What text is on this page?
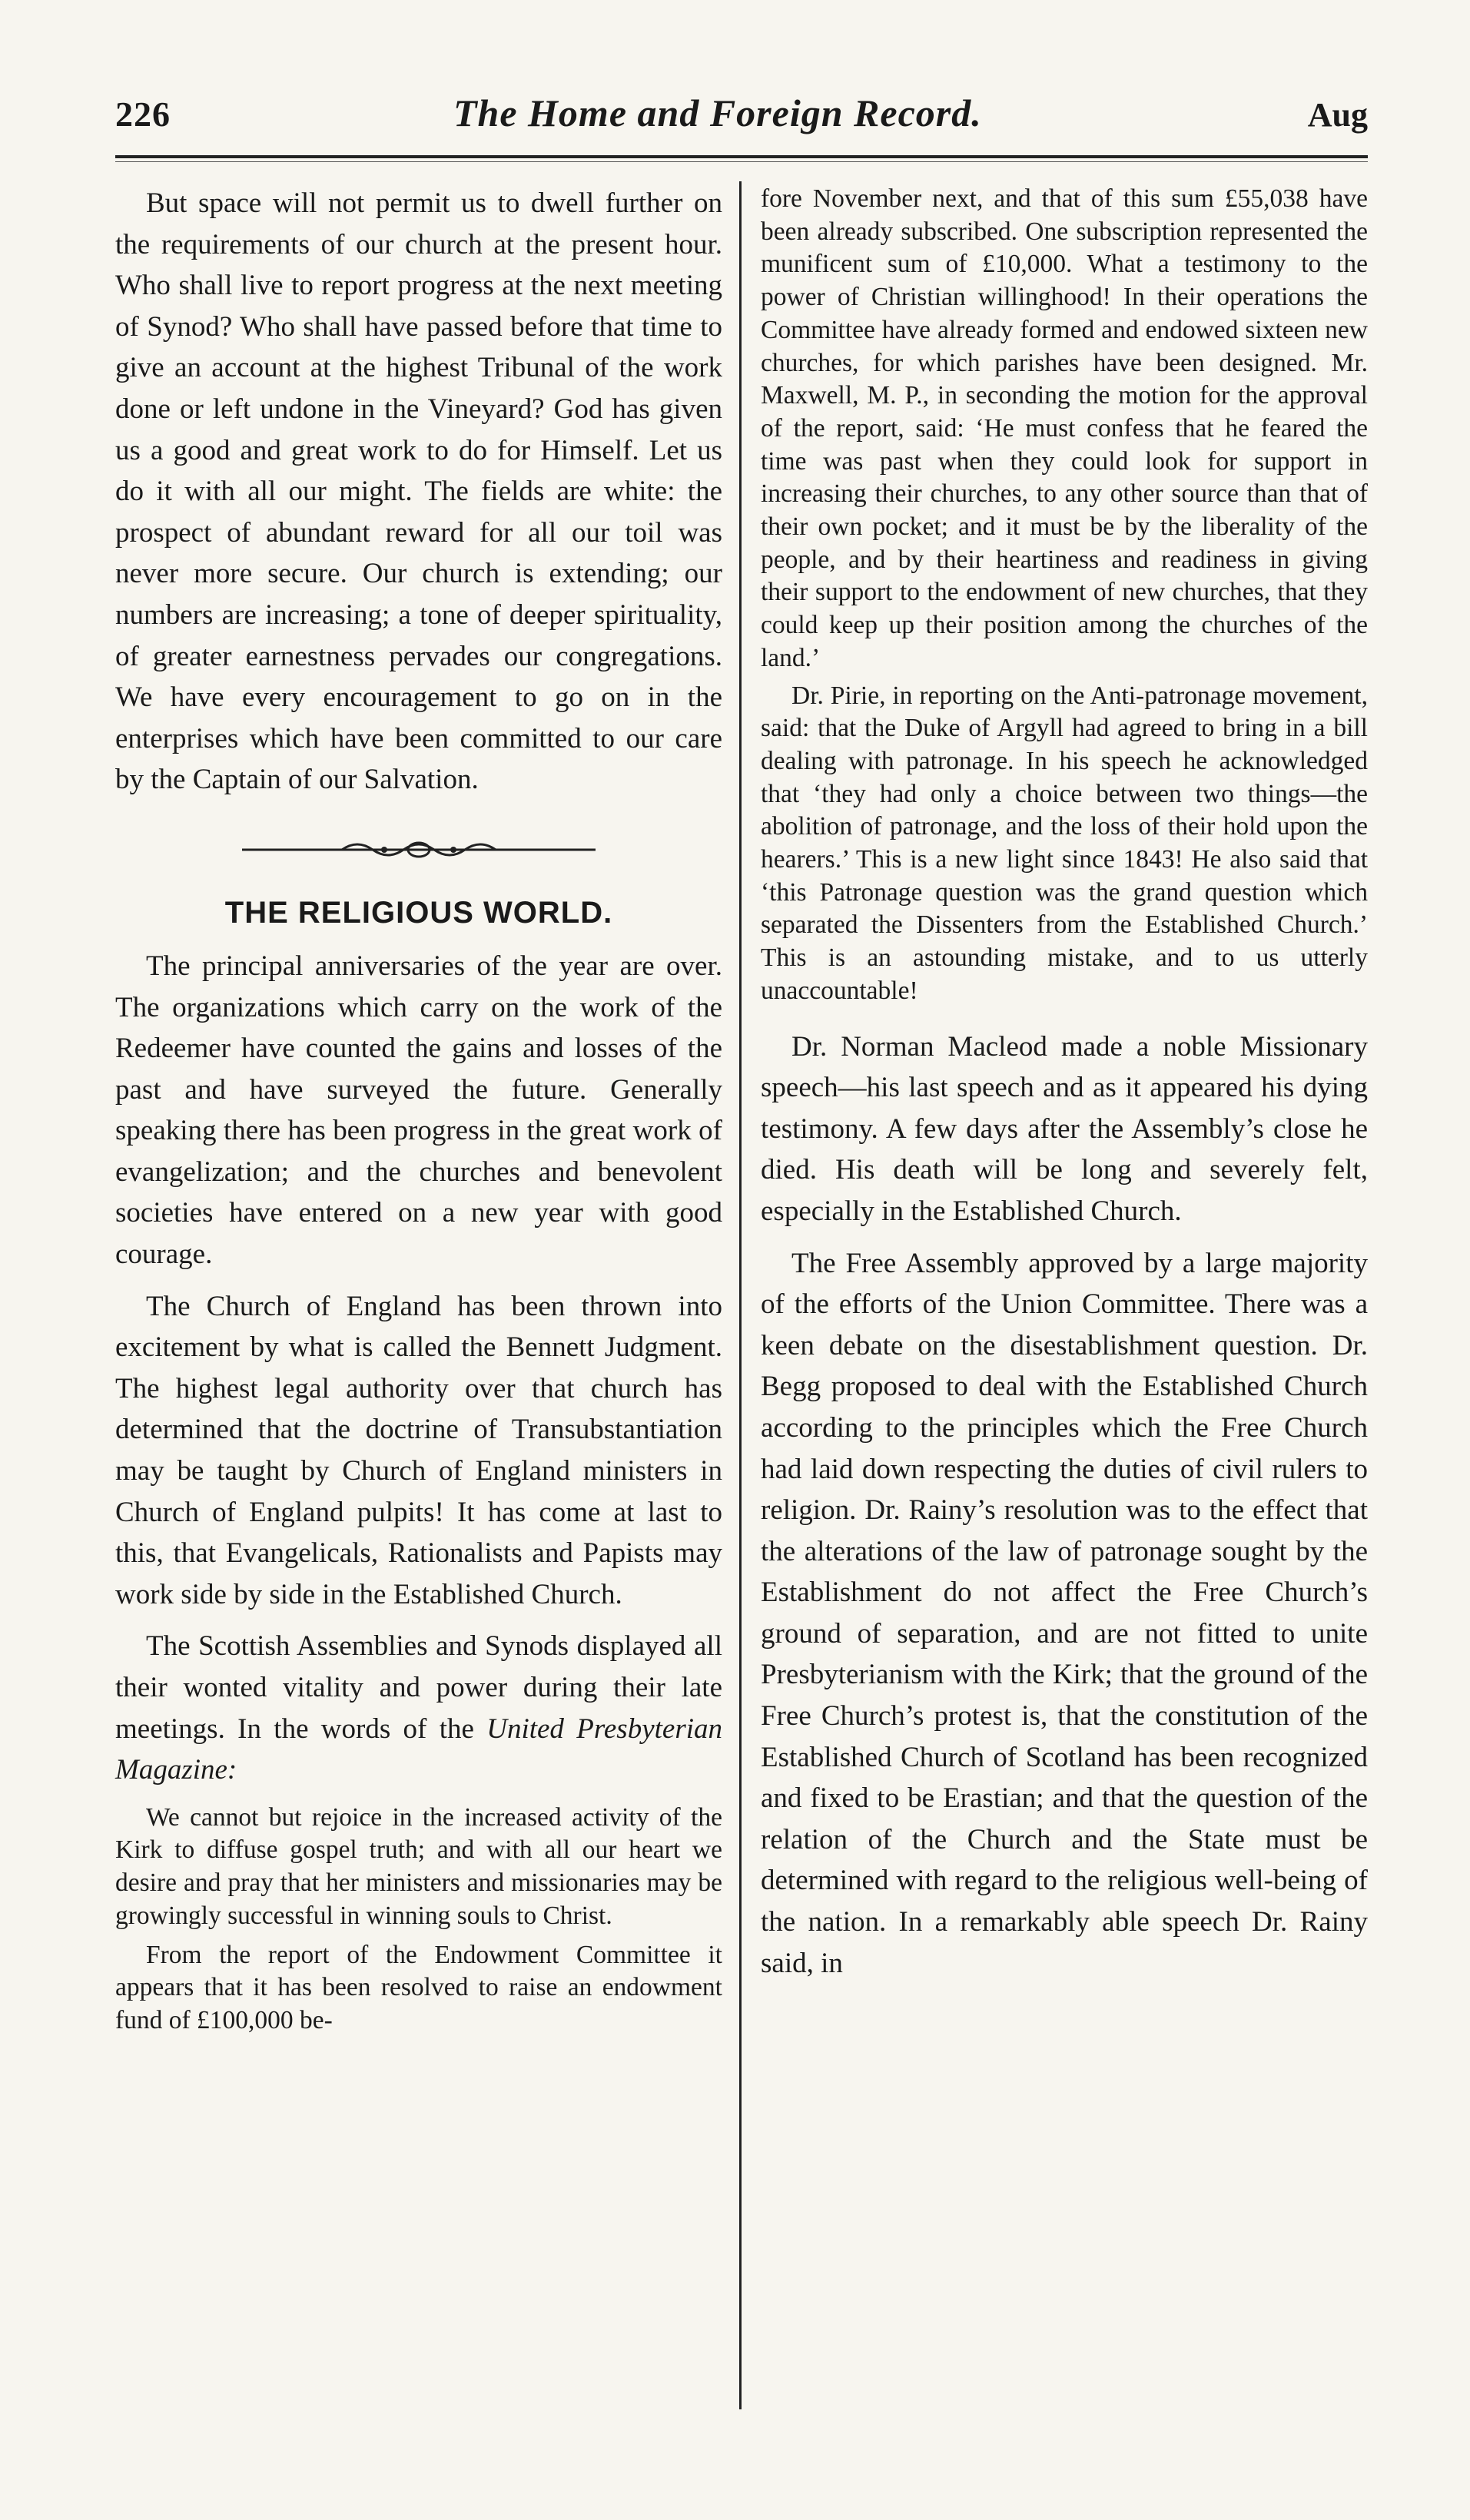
226	The Home and Foreign Record.	Aug

But space will not permit us to dwell further on the requirements of our church at the present hour. Who shall live to report progress at the next meeting of Synod? Who shall have passed before that time to give an account at the highest Tribunal of the work done or left undone in the Vineyard? God has given us a good and great work to do for Himself. Let us do it with all our might. The fields are white: the prospect of abundant reward for all our toil was never more secure. Our church is extending; our numbers are increasing; a tone of deeper spirituality, of greater earnestness pervades our congregations. We have every encouragement to go on in the enterprises which have been committed to our care by the Captain of our Salvation.

THE RELIGIOUS WORLD.

The principal anniversaries of the year are over. The organizations which carry on the work of the Redeemer have counted the gains and losses of the past and have surveyed the future. Generally speaking there has been progress in the great work of evangelization; and the churches and benevolent societies have entered on a new year with good courage.

The Church of England has been thrown into excitement by what is called the Bennett Judgment. The highest legal authority over that church has determined that the doctrine of Transubstantiation may be taught by Church of England ministers in Church of England pulpits! It has come at last to this, that Evangelicals, Rationalists and Papists may work side by side in the Established Church.

The Scottish Assemblies and Synods displayed all their wonted vitality and power during their late meetings. In the words of the United Presbyterian Magazine:

We cannot but rejoice in the increased activity of the Kirk to diffuse gospel truth; and with all our heart we desire and pray that her ministers and missionaries may be growingly successful in winning souls to Christ.

From the report of the Endowment Committee it appears that it has been resolved to raise an endowment fund of £100,000 be-

fore November next, and that of this sum £55,038 have been already subscribed. One subscription represented the munificent sum of £10,000. What a testimony to the power of Christian willinghood! In their operations the Committee have already formed and endowed sixteen new churches, for which parishes have been designed. Mr. Maxwell, M. P., in seconding the motion for the approval of the report, said: ‘He must confess that he feared the time was past when they could look for support in increasing their churches, to any other source than that of their own pocket; and it must be by the liberality of the people, and by their heartiness and readiness in giving their support to the endowment of new churches, that they could keep up their position among the churches of the land.’

Dr. Pirie, in reporting on the Anti-patronage movement, said: that the Duke of Argyll had agreed to bring in a bill dealing with patronage. In his speech he acknowledged that ‘they had only a choice between two things—the abolition of patronage, and the loss of their hold upon the hearers.’ This is a new light since 1843! He also said that ‘this Patronage question was the grand question which separated the Dissenters from the Established Church.’ This is an astounding mistake, and to us utterly unaccountable!

Dr. Norman Macleod made a noble Missionary speech—his last speech and as it appeared his dying testimony. A few days after the Assembly’s close he died. His death will be long and severely felt, especially in the Established Church.

The Free Assembly approved by a large majority of the efforts of the Union Committee. There was a keen debate on the disestablishment question. Dr. Begg proposed to deal with the Established Church according to the principles which the Free Church had laid down respecting the duties of civil rulers to religion. Dr. Rainy’s resolution was to the effect that the alterations of the law of patronage sought by the Establishment do not affect the Free Church’s ground of separation, and are not fitted to unite Presbyterianism with the Kirk; that the ground of the Free Church’s protest is, that the constitution of the Established Church of Scotland has been recognized and fixed to be Erastian; and that the question of the relation of the Church and the State must be determined with regard to the religious well-being of the nation. In a remarkably able speech Dr. Rainy said, in
